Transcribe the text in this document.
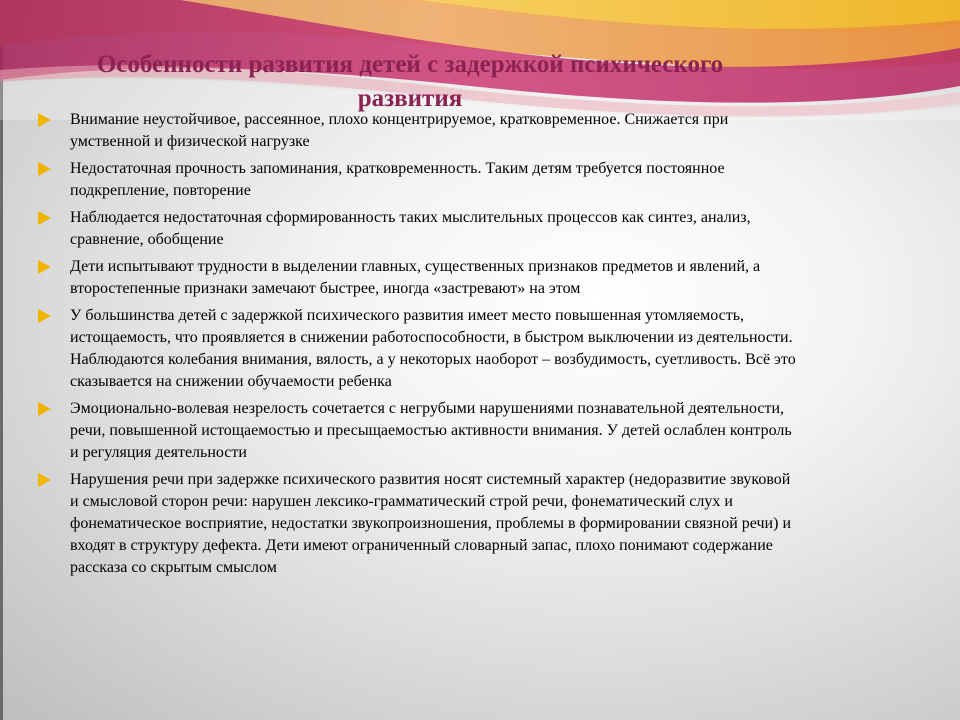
Особенности развития детей с задержкой психического развития
Внимание неустойчивое, рассеянное, плохо концентрируемое, кратковременное. Снижается при умственной и физической нагрузке
Недостаточная прочность запоминания, кратковременность. Таким детям требуется постоянное подкрепление, повторение
Наблюдается недостаточная сформированность таких мыслительных процессов как синтез, анализ, сравнение, обобщение
Дети испытывают трудности в выделении главных, существенных признаков предметов и явлений, а второстепенные признаки замечают быстрее, иногда «застревают» на этом
У большинства детей с задержкой психического развития имеет место повышенная утомляемость, истощаемость, что проявляется в снижении работоспособности, в быстром выключении из деятельности. Наблюдаются колебания внимания, вялость, а у некоторых наоборот – возбудимость, суетливость. Всё это сказывается на снижении обучаемости ребенка
Эмоционально-волевая незрелость сочетается с негрубыми нарушениями познавательной деятельности, речи, повышенной истощаемостью и пресыщаемостью активности внимания. У детей ослаблен контроль и регуляция деятельности
Нарушения речи при задержке психического развития носят системный характер (недоразвитие звуковой и смысловой сторон речи: нарушен лексико-грамматический строй речи, фонематический слух и фонематическое восприятие, недостатки звукопроизношения, проблемы в формировании связной речи) и входят в структуру дефекта. Дети имеют ограниченный словарный запас, плохо понимают содержание рассказа со скрытым смыслом
